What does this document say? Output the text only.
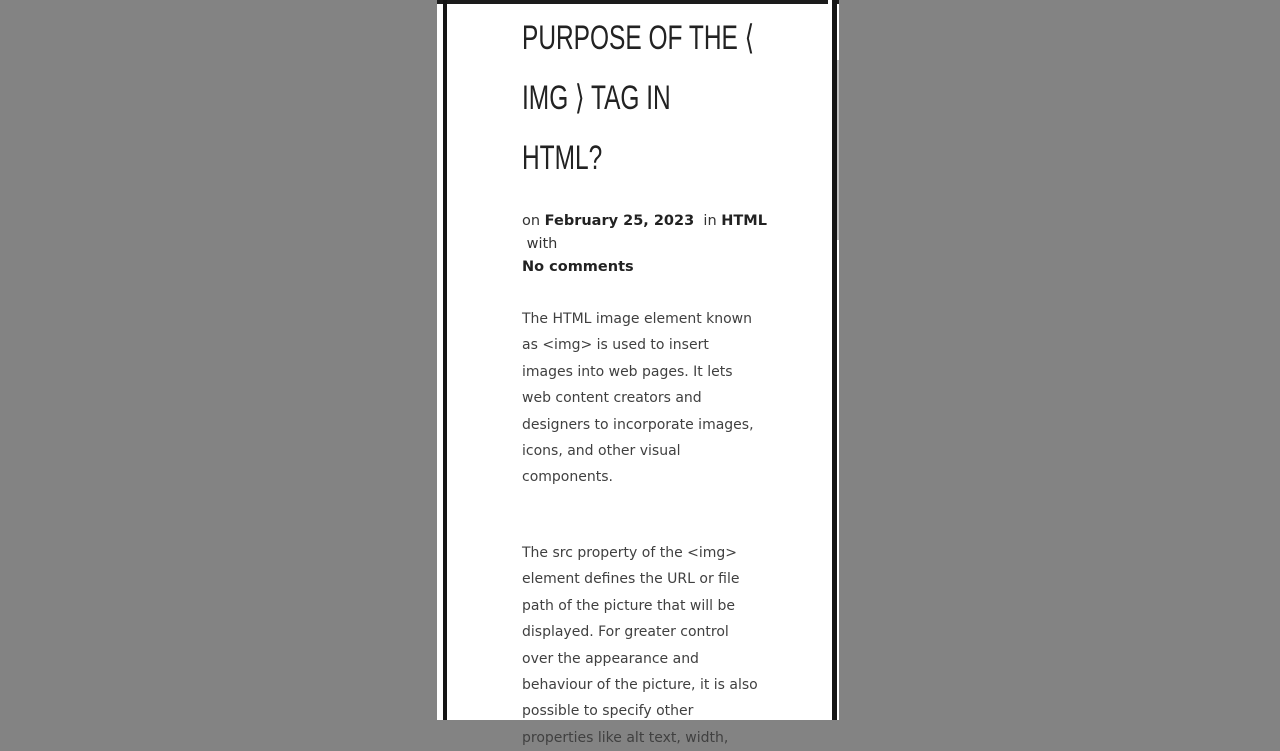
PURPOSE OF THE ⟨
IMG ⟩ TAG IN
HTML?
on February 25, 2023 in HTML  with
No comments

The HTML image element known as <img> is used to insert images into web pages. It lets web content creators and designers to incorporate images, icons, and other visual components.

The src property of the <img> element defines the URL or file path of the picture that will be displayed. For greater control over the appearance and behaviour of the picture, it is also possible to specify other properties like alt text, width,
